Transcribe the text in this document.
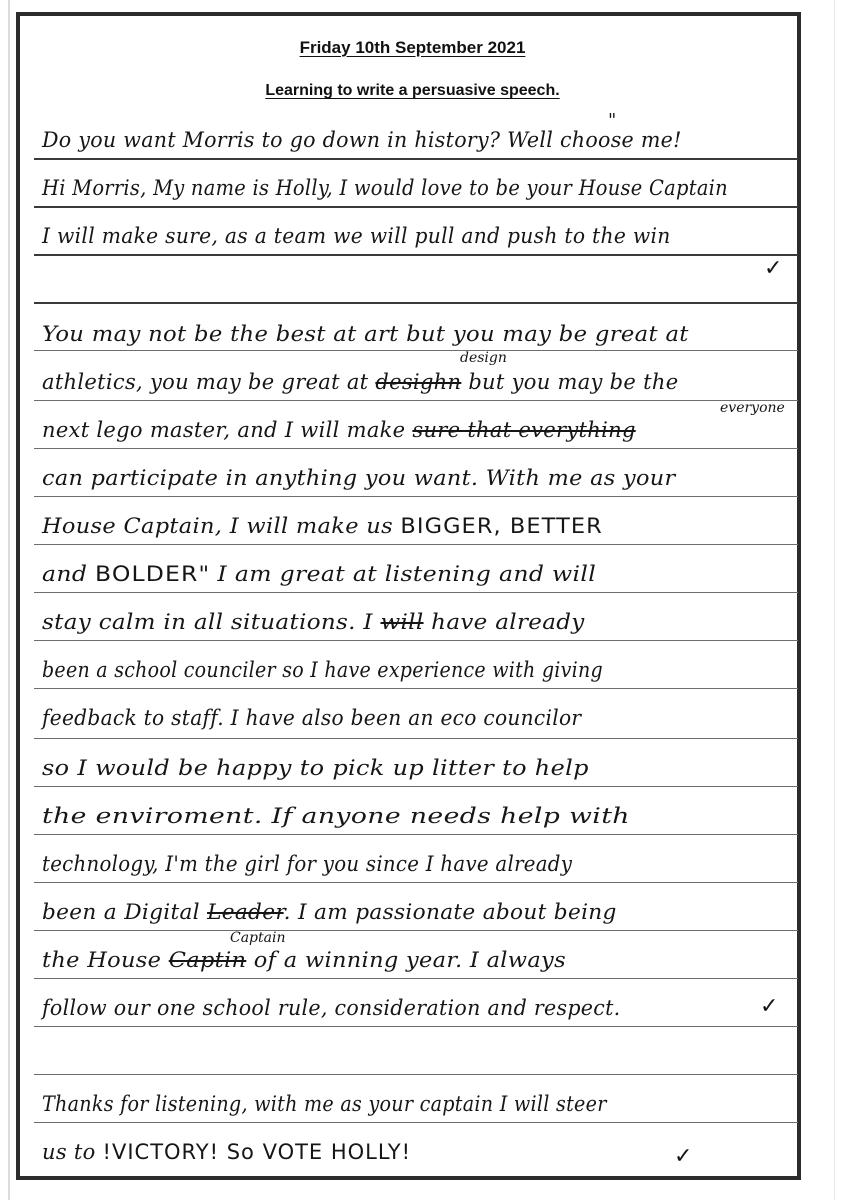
Friday 10th September 2021
Learning to write a persuasive speech.
Do you want Morris to go down in history? Well choose me!
"
Hi Morris, My name is Holly, I would love to be your House Captain
I will make sure, as a team we will pull and push to the win
✓
You may not be the best at art but you may be great at
athletics, you may be great at desighn but you may be the
design
next lego master, and I will make sure that everything
everyone
can participate in anything you want. With me as your
House Captain, I will make us BIGGER, BETTER
and BOLDER" I am great at listening and will
stay calm in all situations. I will have already
been a school counciler so I have experience with giving
feedback to staff. I have also been an eco councilor
so I would be happy to pick up litter to help
the enviroment. If anyone needs help with
technology, I'm the girl for you since I have already
been a Digital Leader. I am passionate about being
the House Captin of a winning year. I always
Captain
follow our one school rule, consideration and respect.	✓
Thanks for listening, with me as your captain I will steer
us to !VICTORY! So VOTE HOLLY!	✓
